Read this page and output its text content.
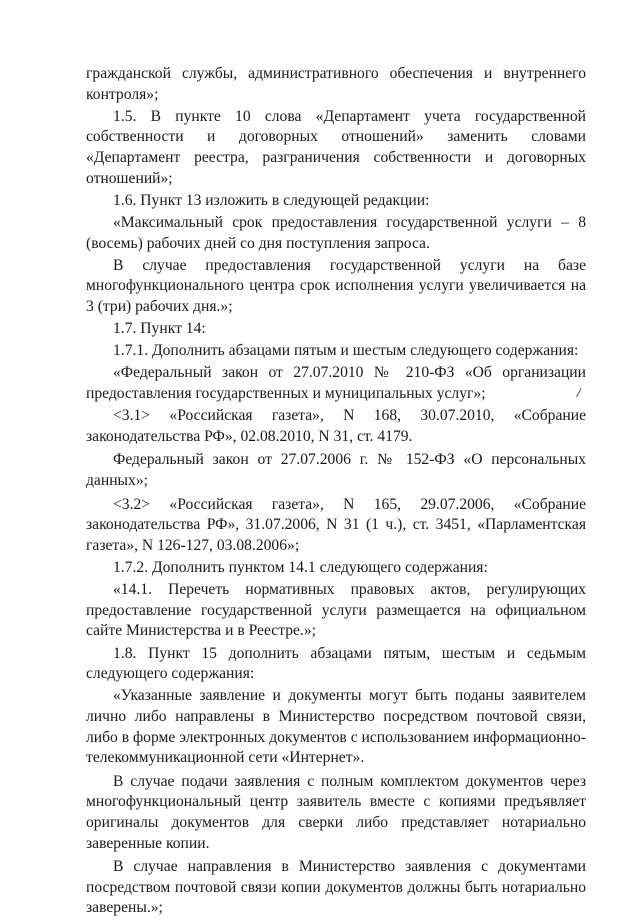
гражданской службы, административного обеспечения и внутреннего контроля»;

1.5. В пункте 10 слова «Департамент учета государственной собственности и договорных отношений» заменить словами «Департамент реестра, разграничения собственности и договорных отношений»;

1.6. Пункт 13 изложить в следующей редакции:

«Максимальный срок предоставления государственной услуги – 8 (восемь) рабочих дней со дня поступления запроса.

В случае предоставления государственной услуги на базе многофункционального центра срок исполнения услуги увеличивается на 3 (три) рабочих дня.»;

1.7. Пункт 14:

1.7.1. Дополнить абзацами пятым и шестым следующего содержания:

«Федеральный закон от 27.07.2010 № 210-ФЗ «Об организации предоставления государственных и муниципальных услуг»;

<3.1> «Российская газета», N 168, 30.07.2010, «Собрание законодательства РФ», 02.08.2010, N 31, ст. 4179.

Федеральный закон от 27.07.2006 г. № 152-ФЗ «О персональных данных»;

<3.2> «Российская газета», N 165, 29.07.2006, «Собрание законодательства РФ», 31.07.2006, N 31 (1 ч.), ст. 3451, «Парламентская газета», N 126-127, 03.08.2006»;

1.7.2. Дополнить пунктом 14.1 следующего содержания:

«14.1. Перечеть нормативных правовых актов, регулирующих предоставление государственной услуги размещается на официальном сайте Министерства и в Реестре.»;

1.8. Пункт 15 дополнить абзацами пятым, шестым и седьмым следующего содержания:

«Указанные заявление и документы могут быть поданы заявителем лично либо направлены в Министерство посредством почтовой связи, либо в форме электронных документов с использованием информационно-телекоммуникационной сети «Интернет».

В случае подачи заявления с полным комплектом документов через многофункциональный центр заявитель вместе с копиями предъявляет оригиналы документов для сверки либо представляет нотариально заверенные копии.

В случае направления в Министерство заявления с документами посредством почтовой связи копии документов должны быть нотариально заверены.»;
